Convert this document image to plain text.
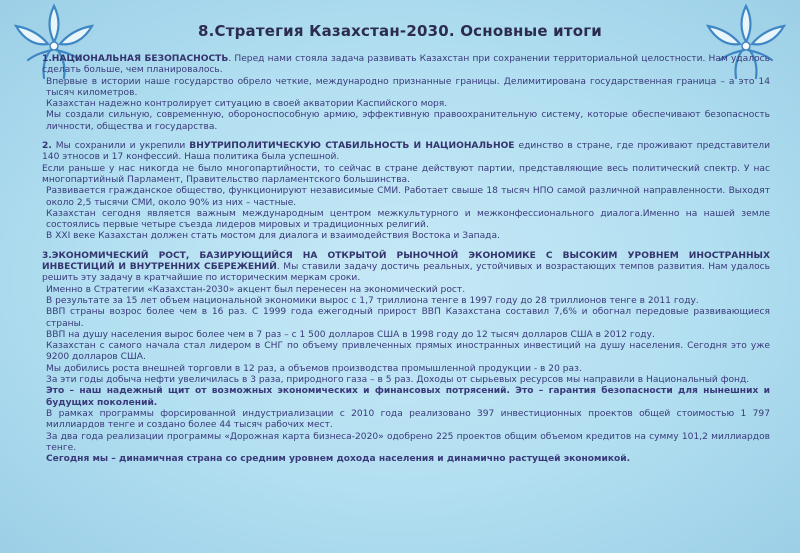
8.Стратегия Казахстан-2030. Основные итоги

1.НАЦИОНАЛЬНАЯ БЕЗОПАСНОСТЬ. Перед нами стояла задача развивать Казахстан при сохранении территориальной целостности. Нам удалось сделать больше, чем планировалось.

Впервые в истории наше государство обрело четкие, международно признанные границы. Делимитирована государственная граница – а это 14 тысяч километров.

Казахстан надежно контролирует ситуацию в своей акватории Каспийского моря.

Мы создали сильную, современную, обороноспособную армию, эффективную правоохранительную систему, которые обеспечивают безопасность личности, общества и государства.

2. Мы сохранили и укрепили ВНУТРИПОЛИТИЧЕСКУЮ СТАБИЛЬНОСТЬ И НАЦИОНАЛЬНОЕ единство в стране, где проживают представители 140 этносов и 17 конфессий. Наша политика была успешной.

Если раньше у нас никогда не было многопартийности, то сейчас в стране действуют партии, представляющие весь политический спектр. У нас многопартийный Парламент, Правительство парламентского большинства.

Развивается гражданское общество, функционируют независимые СМИ. Работает свыше 18 тысяч НПО самой различной направленности. Выходят около 2,5 тысячи СМИ, около 90% из них – частные.

Казахстан сегодня является важным международным центром межкультурного и межконфессионального диалога.Именно на нашей земле состоялись первые четыре съезда лидеров мировых и традиционных религий.

В XXI веке Казахстан должен стать мостом для диалога и взаимодействия Востока и Запада.

3.ЭКОНОМИЧЕСКИЙ РОСТ, БАЗИРУЮЩИЙСЯ НА ОТКРЫТОЙ РЫНОЧНОЙ ЭКОНОМИКЕ С ВЫСОКИМ УРОВНЕМ ИНОСТРАННЫХ ИНВЕСТИЦИЙ И ВНУТРЕННИХ СБЕРЕЖЕНИЙ. Мы ставили задачу достичь реальных, устойчивых и возрастающих темпов развития. Нам удалось решить эту задачу в кратчайшие по историческим меркам сроки.

Именно в Стратегии «Казахстан-2030» акцент был перенесен на экономический рост.

В результате за 15 лет объем национальной экономики вырос с 1,7 триллиона тенге в 1997 году до 28 триллионов тенге в 2011 году.

ВВП страны возрос более чем в 16 раз. С 1999 года ежегодный прирост ВВП Казахстана составил 7,6% и обогнал передовые развивающиеся страны.

ВВП на душу населения вырос более чем в 7 раз – с 1 500 долларов США в 1998 году до 12 тысяч долларов США в 2012 году.

Казахстан с самого начала стал лидером в СНГ по объему привлеченных прямых иностранных инвестиций на душу населения. Сегодня это уже 9200 долларов США.

Мы добились роста внешней торговли в 12 раз, а объемов производства промышленной продукции - в 20 раз.

За эти годы добыча нефти увеличилась в 3 раза, природного газа – в 5 раз. Доходы от сырьевых ресурсов мы направили в Национальный фонд.

Это – наш надежный щит от возможных экономических и финансовых потрясений. Это – гарантия безопасности для нынешних и будущих поколений.

В рамках программы форсированной индустриализации с 2010 года реализовано 397 инвестиционных проектов общей стоимостью 1 797 миллиардов тенге и создано более 44 тысяч рабочих мест.

За два года реализации программы «Дорожная карта бизнеса-2020» одобрено 225 проектов общим объемом кредитов на сумму 101,2 миллиардов тенге.

Сегодня мы – динамичная страна со средним уровнем дохода населения и динамично растущей экономикой.
